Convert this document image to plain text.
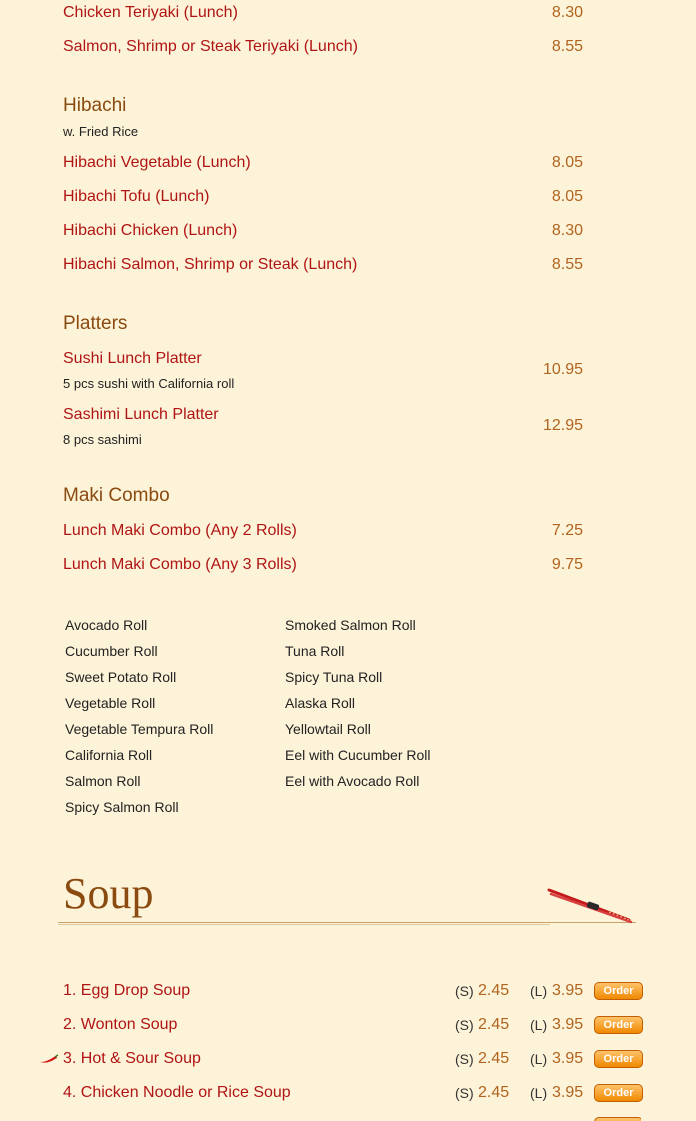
Chicken Teriyaki (Lunch)	8.30
Salmon, Shrimp or Steak Teriyaki (Lunch)	8.55
Hibachi
w. Fried Rice
Hibachi Vegetable (Lunch)	8.05
Hibachi Tofu (Lunch)	8.05
Hibachi Chicken (Lunch)	8.30
Hibachi Salmon, Shrimp or Steak (Lunch)	8.55
Platters
Sushi Lunch Platter
5 pcs sushi with California roll
10.95
Sashimi Lunch Platter
8 pcs sashimi
12.95
Maki Combo
Lunch Maki Combo (Any 2 Rolls)	7.25
Lunch Maki Combo (Any 3 Rolls)	9.75
Avocado Roll
Cucumber Roll
Sweet Potato Roll
Vegetable Roll
Vegetable Tempura Roll
California Roll
Salmon Roll
Spicy Salmon Roll
Smoked Salmon Roll
Tuna Roll
Spicy Tuna Roll
Alaska Roll
Yellowtail Roll
Eel with Cucumber Roll
Eel with Avocado Roll
Soup
1. Egg Drop Soup	(S) 2.45 (L) 3.95	Order
2. Wonton Soup	(S) 2.45 (L) 3.95	Order
3. Hot & Sour Soup	(S) 2.45 (L) 3.95	Order
4. Chicken Noodle or Rice Soup	(S) 2.45 (L) 3.95	Order
